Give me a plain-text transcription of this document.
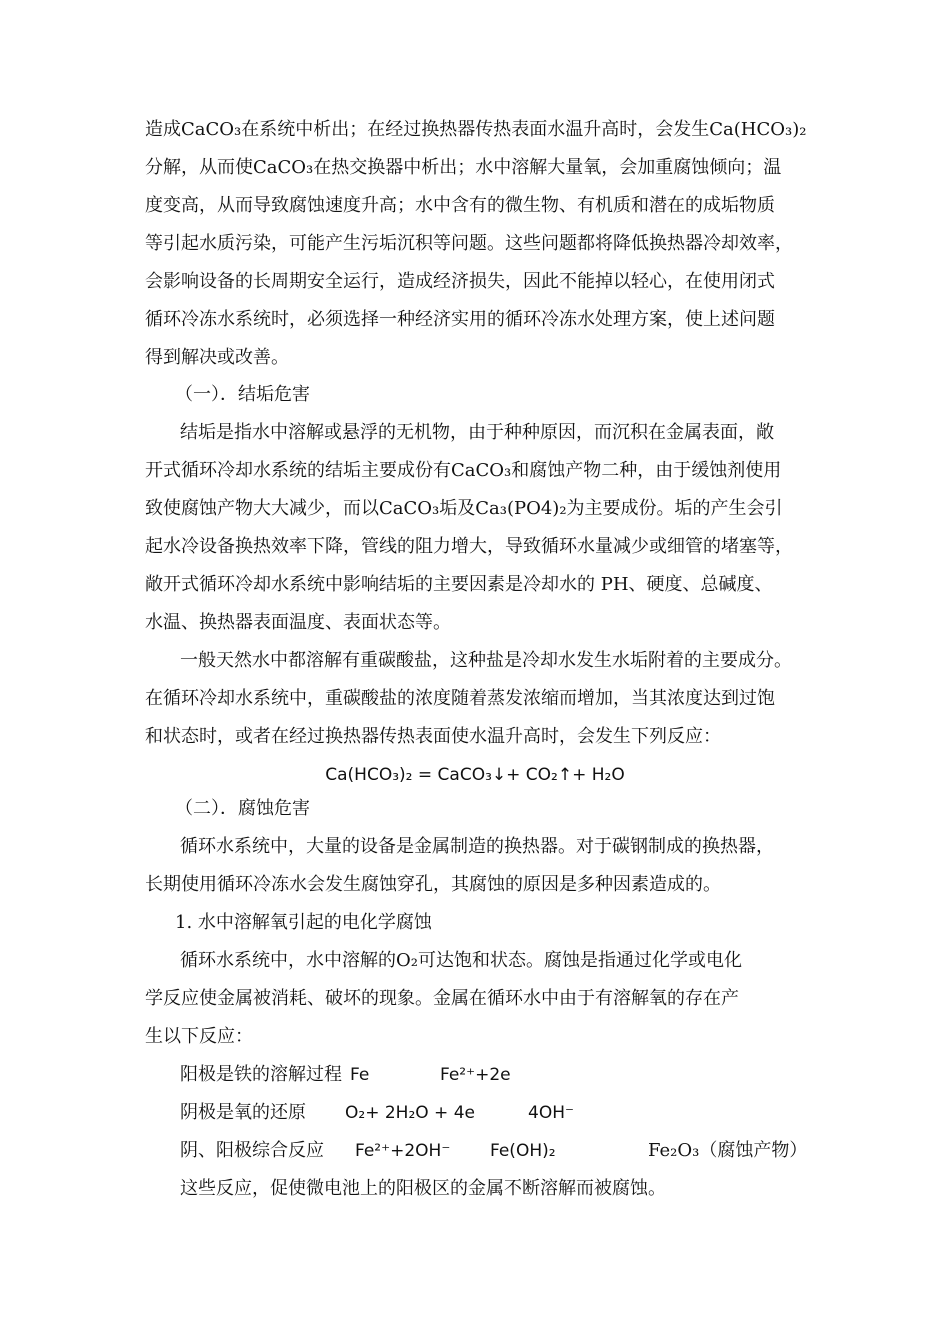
造成CaCO₃在系统中析出；在经过换热器传热表面水温升高时，会发生Ca(HCO₃)₂
分解，从而使CaCO₃在热交换器中析出；水中溶解大量氧，会加重腐蚀倾向；温
度变高，从而导致腐蚀速度升高；水中含有的微生物、有机质和潜在的成垢物质
等引起水质污染，可能产生污垢沉积等问题。这些问题都将降低换热器冷却效率，
会影响设备的长周期安全运行，造成经济损失，因此不能掉以轻心，在使用闭式
循环冷冻水系统时，必须选择一种经济实用的循环冷冻水处理方案，使上述问题
得到解决或改善。
（一）．结垢危害
结垢是指水中溶解或悬浮的无机物，由于种种原因，而沉积在金属表面，敞
开式循环冷却水系统的结垢主要成份有CaCO₃和腐蚀产物二种，由于缓蚀剂使用
致使腐蚀产物大大减少，而以CaCO₃垢及Ca₃(PO4)₂为主要成份。垢的产生会引
起水冷设备换热效率下降，管线的阻力增大，导致循环水量减少或细管的堵塞等，
敞开式循环冷却水系统中影响结垢的主要因素是冷却水的 PH、硬度、总碱度、
水温、换热器表面温度、表面状态等。
一般天然水中都溶解有重碳酸盐，这种盐是冷却水发生水垢附着的主要成分。
在循环冷却水系统中，重碳酸盐的浓度随着蒸发浓缩而增加，当其浓度达到过饱
和状态时，或者在经过换热器传热表面使水温升高时，会发生下列反应：
Ca(HCO₃)₂ = CaCO₃↓+ CO₂↑+ H₂O
（二）．腐蚀危害
循环水系统中，大量的设备是金属制造的换热器。对于碳钢制成的换热器，
长期使用循环冷冻水会发生腐蚀穿孔，其腐蚀的原因是多种因素造成的。
1. 水中溶解氧引起的电化学腐蚀
循环水系统中，水中溶解的O₂可达饱和状态。腐蚀是指通过化学或电化
学反应使金属被消耗、破坏的现象。金属在循环水中由于有溶解氧的存在产
生以下反应：
阳极是铁的溶解过程 Fe	Fe²⁺+2e
阴极是氧的还原	O₂+ 2H₂O + 4e	4OH⁻
阴、阳极综合反应	Fe²⁺+2OH⁻	Fe(OH)₂	Fe₂O₃（腐蚀产物）
这些反应，促使微电池上的阳极区的金属不断溶解而被腐蚀。
